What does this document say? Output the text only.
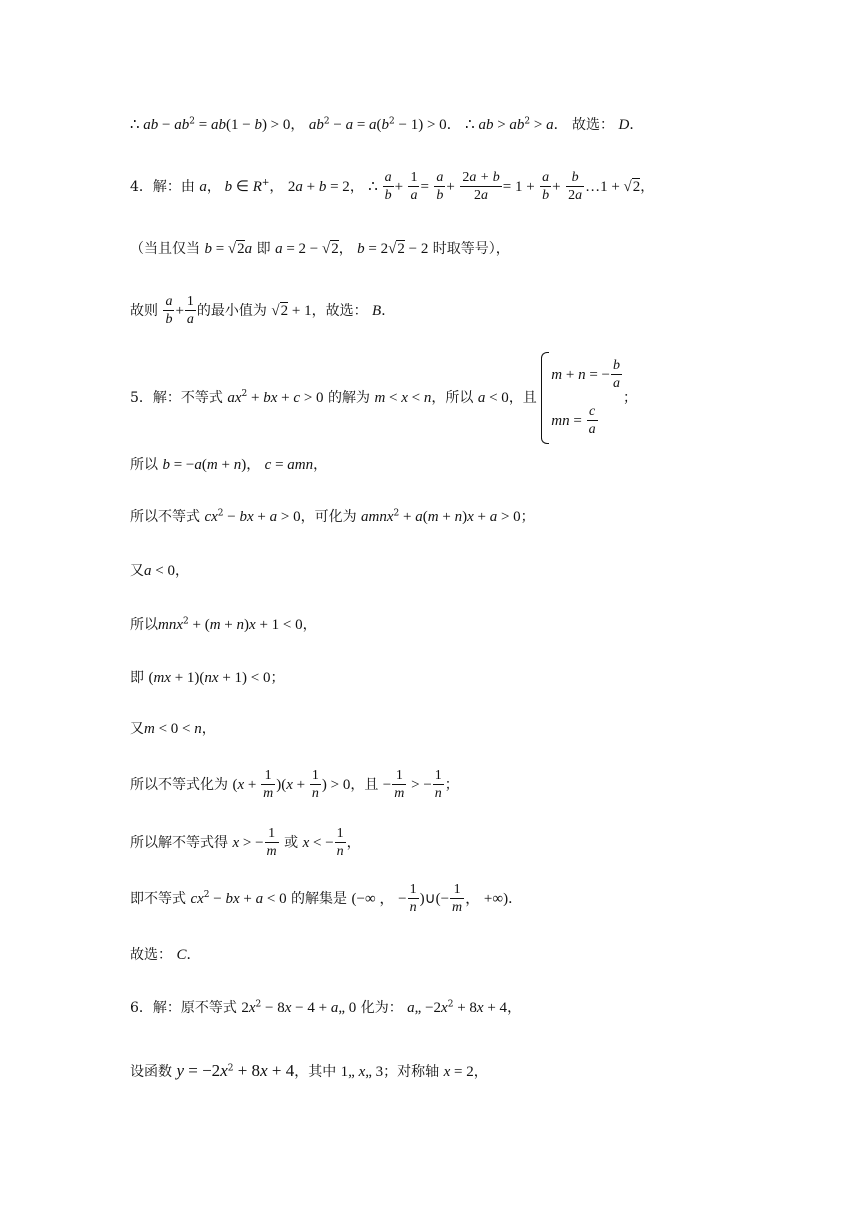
∴ ab − $ab^2 = ab(1 - b) > 0$， $ab^2 - a = a(b^2 - 1) > 0$． ∴ ab > $ab^2 > a$． 故选： D．
4．解：由 a， b ∈ R+， 2a + b = 2， ∴ $\frac{a}{b} + \frac{1}{a} = \frac{a}{b} + \frac{2a + b}{2a} = 1 + \frac{a}{b} + \frac{b}{2a}$ …1 + √2，
（当且仅当 b = √2a 即 a = 2 − √2， b = 2√2 − 2 时取等号），
故则 $\frac{a}{b} + \frac{1}{a}$ 的最小值为 √2 + 1，故选： B．
5．解：不等式 $ax^2$ + bx + c > 0 的解为 m < x < n，所以 a < 0，且
m + n = − $\frac{b}{a}$
mn = $\frac{c}{a}$
；
所以 b = −a(m + n)， c = amn，
所以不等式 $cx^2$ − bx + a > 0，可化为 amnx$^2$ + a(m + n)x + a > 0；
又a < 0，
所以mnx$^2$ + (m + n)x + 1 < 0，
即 (mx + 1)(nx + 1) < 0；
又m < 0 < n，
所以不等式化为 $(x + \frac{1}{m} )(x + \frac{1}{n}$ ) > 0，且 − $\frac{1}{m}$ > − $\frac{1}{n}$ ；
所以解不等式得 x > − $\frac{1}{m}$ 或 x < − $\frac{1}{n}$ ，
即不等式 $cx^2$ − bx + a < 0 的解集是 (−∞ ， − $\frac{1}{n}$ )∪(− $\frac{1}{m}$ ， +∞)．
故选： C．
6．解：原不等式 $2x^2 - 8x - 4$ + a„ 0 化为： a„ $-2x^2 + 8x + 4$，
设函数 $y = -2x^2 + 8x + 4$，其中 1„ x„ 3；对称轴 x = 2，
